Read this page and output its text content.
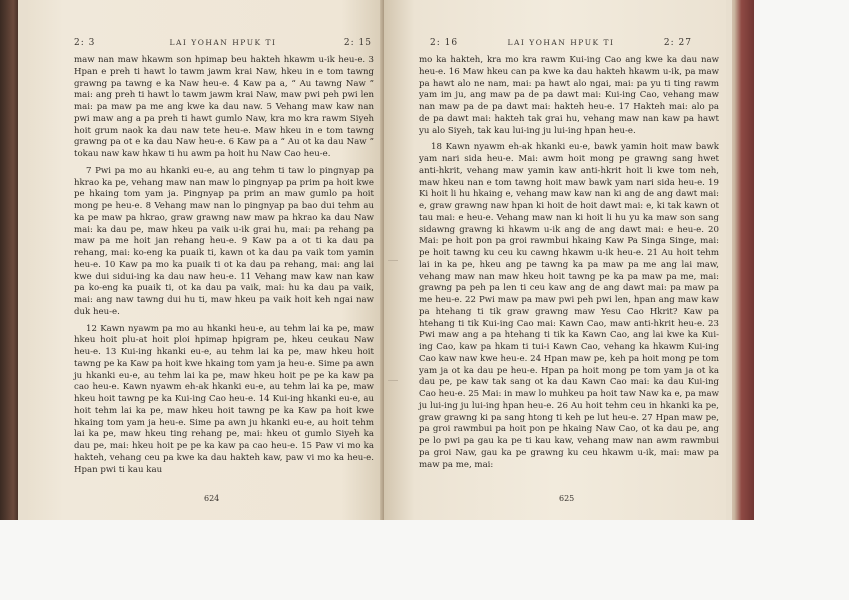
2: 3	LAI YOHAN HPUK TI	2: 15

maw nan maw hkawm son hpimap beu hakteh hkawm u-ik heu-e. 3 Hpan e preh ti hawt lo tawm jawm krai Naw, hkeu in e tom tawng grawng pa tawng e ka Naw heu-e. 4 Kaw pa a, “ Au tawng Naw ” mai: ang preh ti hawt lo tawm jawm krai Naw, maw pwi peh pwi len mai: pa maw pa me ang kwe ka dau naw. 5 Vehang maw kaw nan pwi maw ang a pa preh ti hawt gumlo Naw, kra mo kra rawm Siyeh hoit grum naok ka dau naw tete heu-e. Maw hkeu in e tom tawng grawng pa ot e ka dau Naw heu-e. 6 Kaw pa a “ Au ot ka dau Naw ” tokau naw kaw hkaw ti hu awm pa hoit hu Naw Cao heu-e.

7 Pwi pa mo au hkanki eu-e, au ang tehm ti taw lo pingnyap pa hkrao ka pe, vehang maw nan maw lo pingnyap pa prim pa hoit kwe pe hkaing tom yam ja. Pingnyap pa prim an maw gumlo pa hoit mong pe heu-e. 8 Vehang maw nan lo pingnyap pa bao dui tehm au ka pe maw pa hkrao, graw grawng naw maw pa hkrao ka dau Naw mai: ka dau pe, maw hkeu pa vaik u-ik grai hu, mai: pa rehang pa maw pa me hoit jan rehang heu-e. 9 Kaw pa a ot ti ka dau pa rehang, mai: ko-eng ka puaik ti, kawn ot ka dau pa vaik tom yamin heu-e. 10 Kaw pa mo ka puaik ti ot ka dau pa rehang, mai: ang lai kwe dui sidui-ing ka dau naw heu-e. 11 Vehang maw kaw nan kaw pa ko-eng ka puaik ti, ot ka dau pa vaik, mai: hu ka dau pa vaik, mai: ang naw tawng dui hu ti, maw hkeu pa vaik hoit keh ngai naw duk heu-e.

12 Kawn nyawm pa mo au hkanki heu-e, au tehm lai ka pe, maw hkeu hoit plu-at hoit ploi hpimap hpigram pe, hkeu ceukau Naw heu-e. 13 Kui-ing hkanki eu-e, au tehm lai ka pe, maw hkeu hoit tawng pe ka Kaw pa hoit kwe hkaing tom yam ja heu-e. Sime pa awn ju hkanki eu-e, au tehm lai ka pe, maw hkeu hoit pe pe ka kaw pa cao heu-e. Kawn nyawm eh-ak hkanki eu-e, au tehm lai ka pe, maw hkeu hoit tawng pe ka Kui-ing Cao heu-e. 14 Kui-ing hkanki eu-e, au hoit tehm lai ka pe, maw hkeu hoit tawng pe ka Kaw pa hoit kwe hkaing tom yam ja heu-e. Sime pa awn ju hkanki eu-e, au hoit tehm lai ka pe, maw hkeu ting rehang pe, mai: hkeu ot gumlo Siyeh ka dau pe, mai: hkeu hoit pe pe ka kaw pa cao heu-e. 15 Paw vi mo ka hakteh, vehang ceu pa kwe ka dau hakteh kaw, paw vi mo ka heu-e. Hpan pwi ti kau kau

624
2: 16	LAI YOHAN HPUK TI	2: 27

mo ka hakteh, kra mo kra rawm Kui-ing Cao ang kwe ka dau naw heu-e. 16 Maw hkeu can pa kwe ka dau hakteh hkawm u-ik, pa maw pa hawt alo ne nam, mai: pa hawt alo ngai, mai: pa yu ti ting rawm yam im ju, ang maw pa de pa dawt mai: Kui-ing Cao, vehang maw nan maw pa de pa dawt mai: hakteh heu-e. 17 Hakteh mai: alo pa de pa dawt mai: hakteh tak grai hu, vehang maw nan kaw pa hawt yu alo Siyeh, tak kau lui-ing ju lui-ing hpan heu-e.

18 Kawn nyawm eh-ak hkanki eu-e, bawk yamin hoit maw bawk yam nari sida heu-e. Mai: awm hoit mong pe grawng sang hwet anti-hkrit, vehang maw yamin kaw anti-hkrit hoit li kwe tom neh, maw hkeu nan e tom tawng hoit maw bawk yam nari sida heu-e. 19 Ki hoit li hu hkaing e, vehang maw kaw nan ki ang de ang dawt mai: e, graw grawng naw hpan ki hoit de hoit dawt mai: e, ki tak kawn ot tau mai: e heu-e. Vehang maw nan ki hoit li hu yu ka maw son sang sidawng grawng ki hkawm u-ik ang de ang dawt mai: e heu-e. 20 Mai: pe hoit pon pa groi rawmbui hkaing Kaw Pa Singa Singe, mai: pe hoit tawng ku ceu ku cawng hkawm u-ik heu-e. 21 Au hoit tehm lai in ka pe, hkeu ang pe tawng ka pa maw pa me ang lai maw, vehang maw nan maw hkeu hoit tawng pe ka pa maw pa me, mai: grawng pa peh pa len ti ceu kaw ang de ang dawt mai: pa maw pa me heu-e. 22 Pwi maw pa maw pwi peh pwi len, hpan ang maw kaw pa htehang ti tik graw grawng maw Yesu Cao Hkrit? Kaw pa htehang ti tik Kui-ing Cao mai: Kawn Cao, maw anti-hkrit heu-e. 23 Pwi maw ang a pa htehang ti tik ka Kawn Cao, ang lai kwe ka Kui-ing Cao, kaw pa hkam ti tui-i Kawn Cao, vehang ka hkawm Kui-ing Cao kaw naw kwe heu-e. 24 Hpan maw pe, keh pa hoit mong pe tom yam ja ot ka dau pe heu-e. Hpan pa hoit mong pe tom yam ja ot ka dau pe, pe kaw tak sang ot ka dau Kawn Cao mai: ka dau Kui-ing Cao heu-e. 25 Mai: in maw lo muhkeu pa hoit taw Naw ka e, pa maw ju lui-ing ju lui-ing hpan heu-e. 26 Au hoit tehm ceu in hkanki ka pe, graw grawng ki pa sang htong ti keh pe lut heu-e. 27 Hpan maw pe, pa groi rawmbui pa hoit pon pe hkaing Naw Cao, ot ka dau pe, ang pe lo pwi pa gau ka pe ti kau kaw, vehang maw nan awm rawmbui pa groi Naw, gau ka pe grawng ku ceu hkawm u-ik, mai: maw pa maw pa me, mai:

625
